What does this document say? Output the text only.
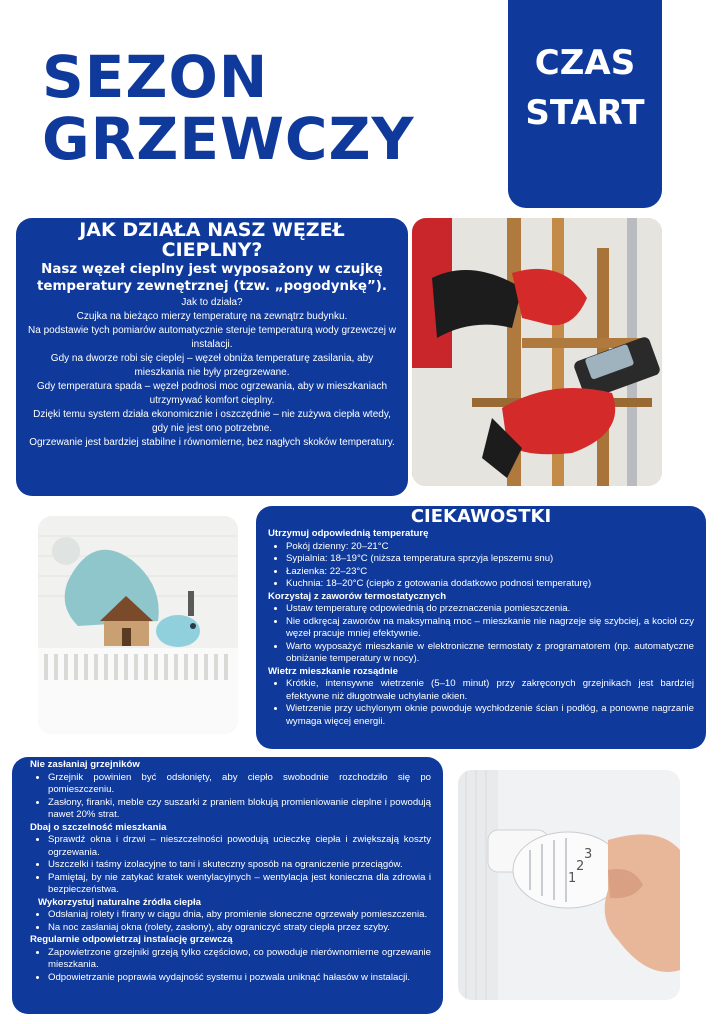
SEZON
GRZEWCZY
CZAS
START
JAK DZIAŁA NASZ WĘZEŁ CIEPLNY?

Nasz węzeł cieplny jest wyposażony w czujkę temperatury zewnętrznej (tzw. „pogodynkę”).

Jak to działa?
Czujka na bieżąco mierzy temperaturę na zewnątrz budynku.
Na podstawie tych pomiarów automatycznie steruje temperaturą wody grzewczej w instalacji.
Gdy na dworze robi się cieplej – węzeł obniża temperaturę zasilania, aby mieszkania nie były przegrzewane.
Gdy temperatura spada – węzeł podnosi moc ogrzewania, aby w mieszkaniach utrzymywać komfort cieplny.
Dzięki temu system działa ekonomicznie i oszczędnie – nie zużywa ciepła wtedy, gdy nie jest ono potrzebne.
Ogrzewanie jest bardziej stabilne i równomierne, bez nagłych skoków temperatury.

CIEKAWOSTKI

Utrzymuj odpowiednią temperaturę

• Pokój dzienny: 20–21°C
• Sypialnia: 18–19°C (niższa temperatura sprzyja lepszemu snu)
• Łazienka: 22–23°C
• Kuchnia: 18–20°C (ciepło z gotowania dodatkowo podnosi temperaturę)

Korzystaj z zaworów termostatycznych

• Ustaw temperaturę odpowiednią do przeznaczenia pomieszczenia.
• Nie odkręcaj zaworów na maksymalną moc – mieszkanie nie nagrzeje się szybciej, a kocioł czy węzeł pracuje mniej efektywnie.
• Warto wyposażyć mieszkanie w elektroniczne termostaty z programatorem (np. automatyczne obniżanie temperatury w nocy).

Wietrz mieszkanie rozsądnie

• Krótkie, intensywne wietrzenie (5–10 minut) przy zakręconych grzejnikach jest bardziej efektywne niż długotrwałe uchylanie okien.
• Wietrzenie przy uchylonym oknie powoduje wychłodzenie ścian i podłóg, a ponowne nagrzanie wymaga więcej energii.

Nie zasłaniaj grzejników

• Grzejnik powinien być odsłonięty, aby ciepło swobodnie rozchodziło się po pomieszczeniu.
• Zasłony, firanki, meble czy suszarki z praniem blokują promieniowanie cieplne i powodują nawet 20% strat.

Dbaj o szczelność mieszkania

• Sprawdź okna i drzwi – nieszczelności powodują ucieczkę ciepła i zwiększają koszty ogrzewania.
• Uszczelki i taśmy izolacyjne to tani i skuteczny sposób na ograniczenie przeciągów.
• Pamiętaj, by nie zatykać kratek wentylacyjnych – wentylacja jest konieczna dla zdrowia i bezpieczeństwa.

Wykorzystuj naturalne źródła ciepła

• Odsłaniaj rolety i firany w ciągu dnia, aby promienie słoneczne ogrzewały pomieszczenia.
• Na noc zasłaniaj okna (rolety, zasłony), aby ograniczyć straty ciepła przez szyby.

Regularnie odpowietrzaj instalację grzewczą

• Zapowietrzone grzejniki grzeją tylko częściowo, co powoduje nierównomierne ogrzewanie mieszkania.
• Odpowietrzanie poprawia wydajność systemu i pozwala uniknąć hałasów w instalacji.
3
2
1
